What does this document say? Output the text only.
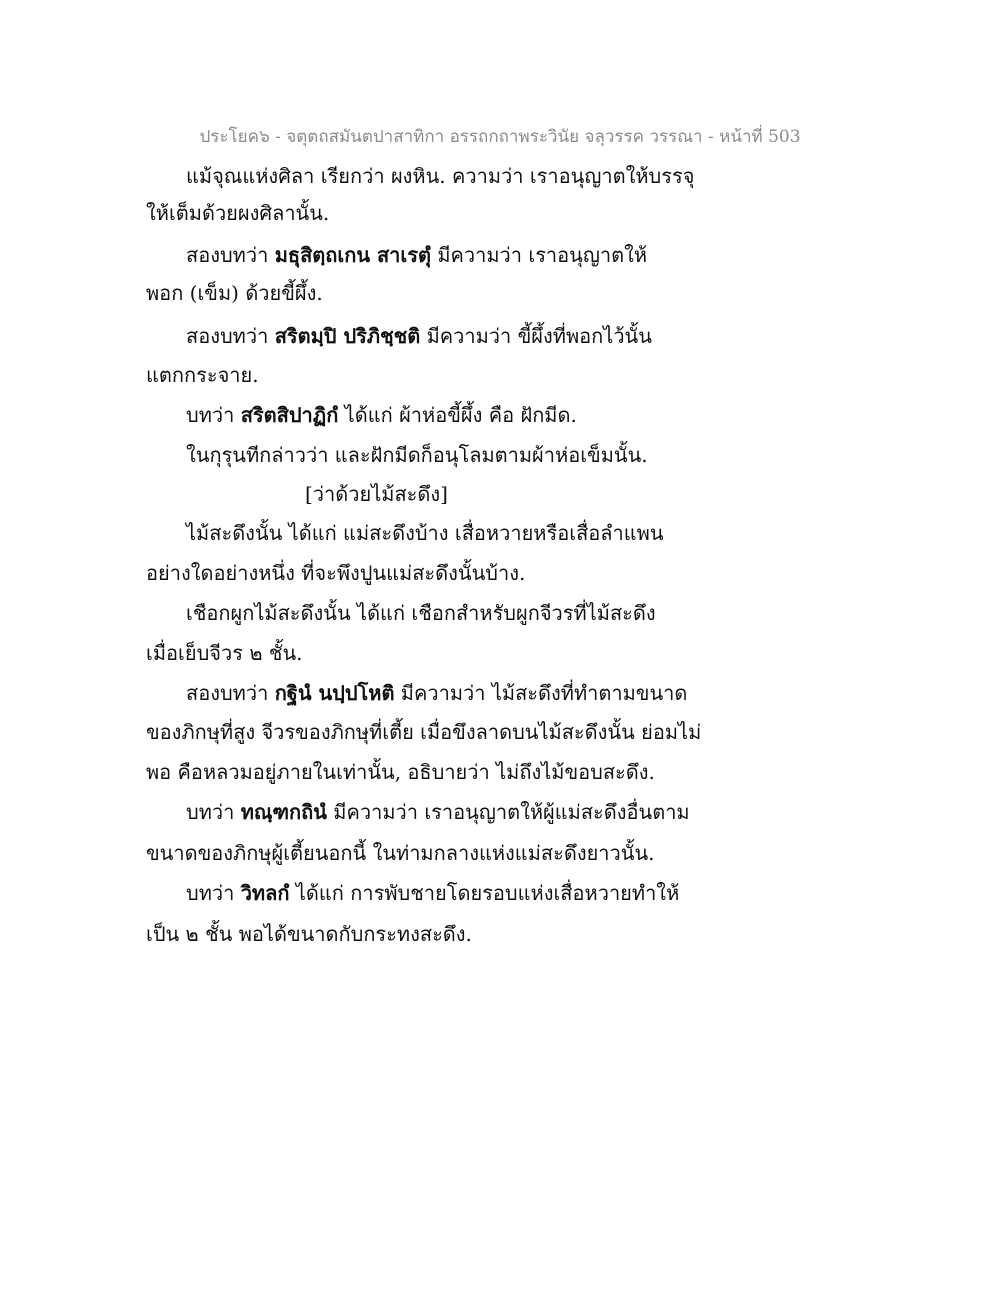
ประโยค๖ - จตุตถสมันตปาสาทิกา อรรถกถาพระวินัย จลุวรรค วรรณา - หน้าที่ 503
แม้จุณแห่งศิลา เรียกว่า ผงหิน. ความว่า เราอนุญาตให้บรรจุ
ให้เต็มด้วยผงศิลานั้น.
สองบทว่า มธุสิตฺถเกน สาเรตุํ มีความว่า เราอนุญาตให้
พอก (เข็ม) ด้วยขี้ผึ้ง.
สองบทว่า สริตมฺปิ ปริภิชฺชติ มีความว่า ขี้ผึ้งที่พอกไว้นั้น
แตกกระจาย.
บทว่า สริตสิปาฏิกํ ได้แก่ ผ้าห่อขี้ผึ้ง คือ ฝักมีด.
ในกุรุนทีกล่าวว่า และฝักมีดก็อนุโลมตามผ้าห่อเข็มนั้น.
[ว่าด้วยไม้สะดึง]
ไม้สะดึงนั้น ได้แก่ แม่สะดึงบ้าง เสื่อหวายหรือเสื่อลำแพน
อย่างใดอย่างหนึ่ง ที่จะพึงปูนแม่สะดึงนั้นบ้าง.
เชือกผูกไม้สะดึงนั้น ได้แก่ เชือกสำหรับผูกจีวรที่ไม้สะดึง
เมื่อเย็บจีวร ๒ ชั้น.
สองบทว่า กฐินํ นปฺปโหติ มีความว่า ไม้สะดึงที่ทำตามขนาด
ของภิกษุที่สูง จีวรของภิกษุที่เตี้ย เมื่อขึงลาดบนไม้สะดึงนั้น ย่อมไม่
พอ คือหลวมอยู่ภายในเท่านั้น, อธิบายว่า ไม่ถึงไม้ขอบสะดึง.
บทว่า ทณฺฑกถินํ มีความว่า เราอนุญาตให้ผู้แม่สะดึงอื่นตาม
ขนาดของภิกษุผู้เตี้ยนอกนี้ ในท่ามกลางแห่งแม่สะดึงยาวนั้น.
บทว่า วิทลกํ ได้แก่ การพับชายโดยรอบแห่งเสื่อหวายทำให้
เป็น ๒ ชั้น พอได้ขนาดกับกระทงสะดึง.
